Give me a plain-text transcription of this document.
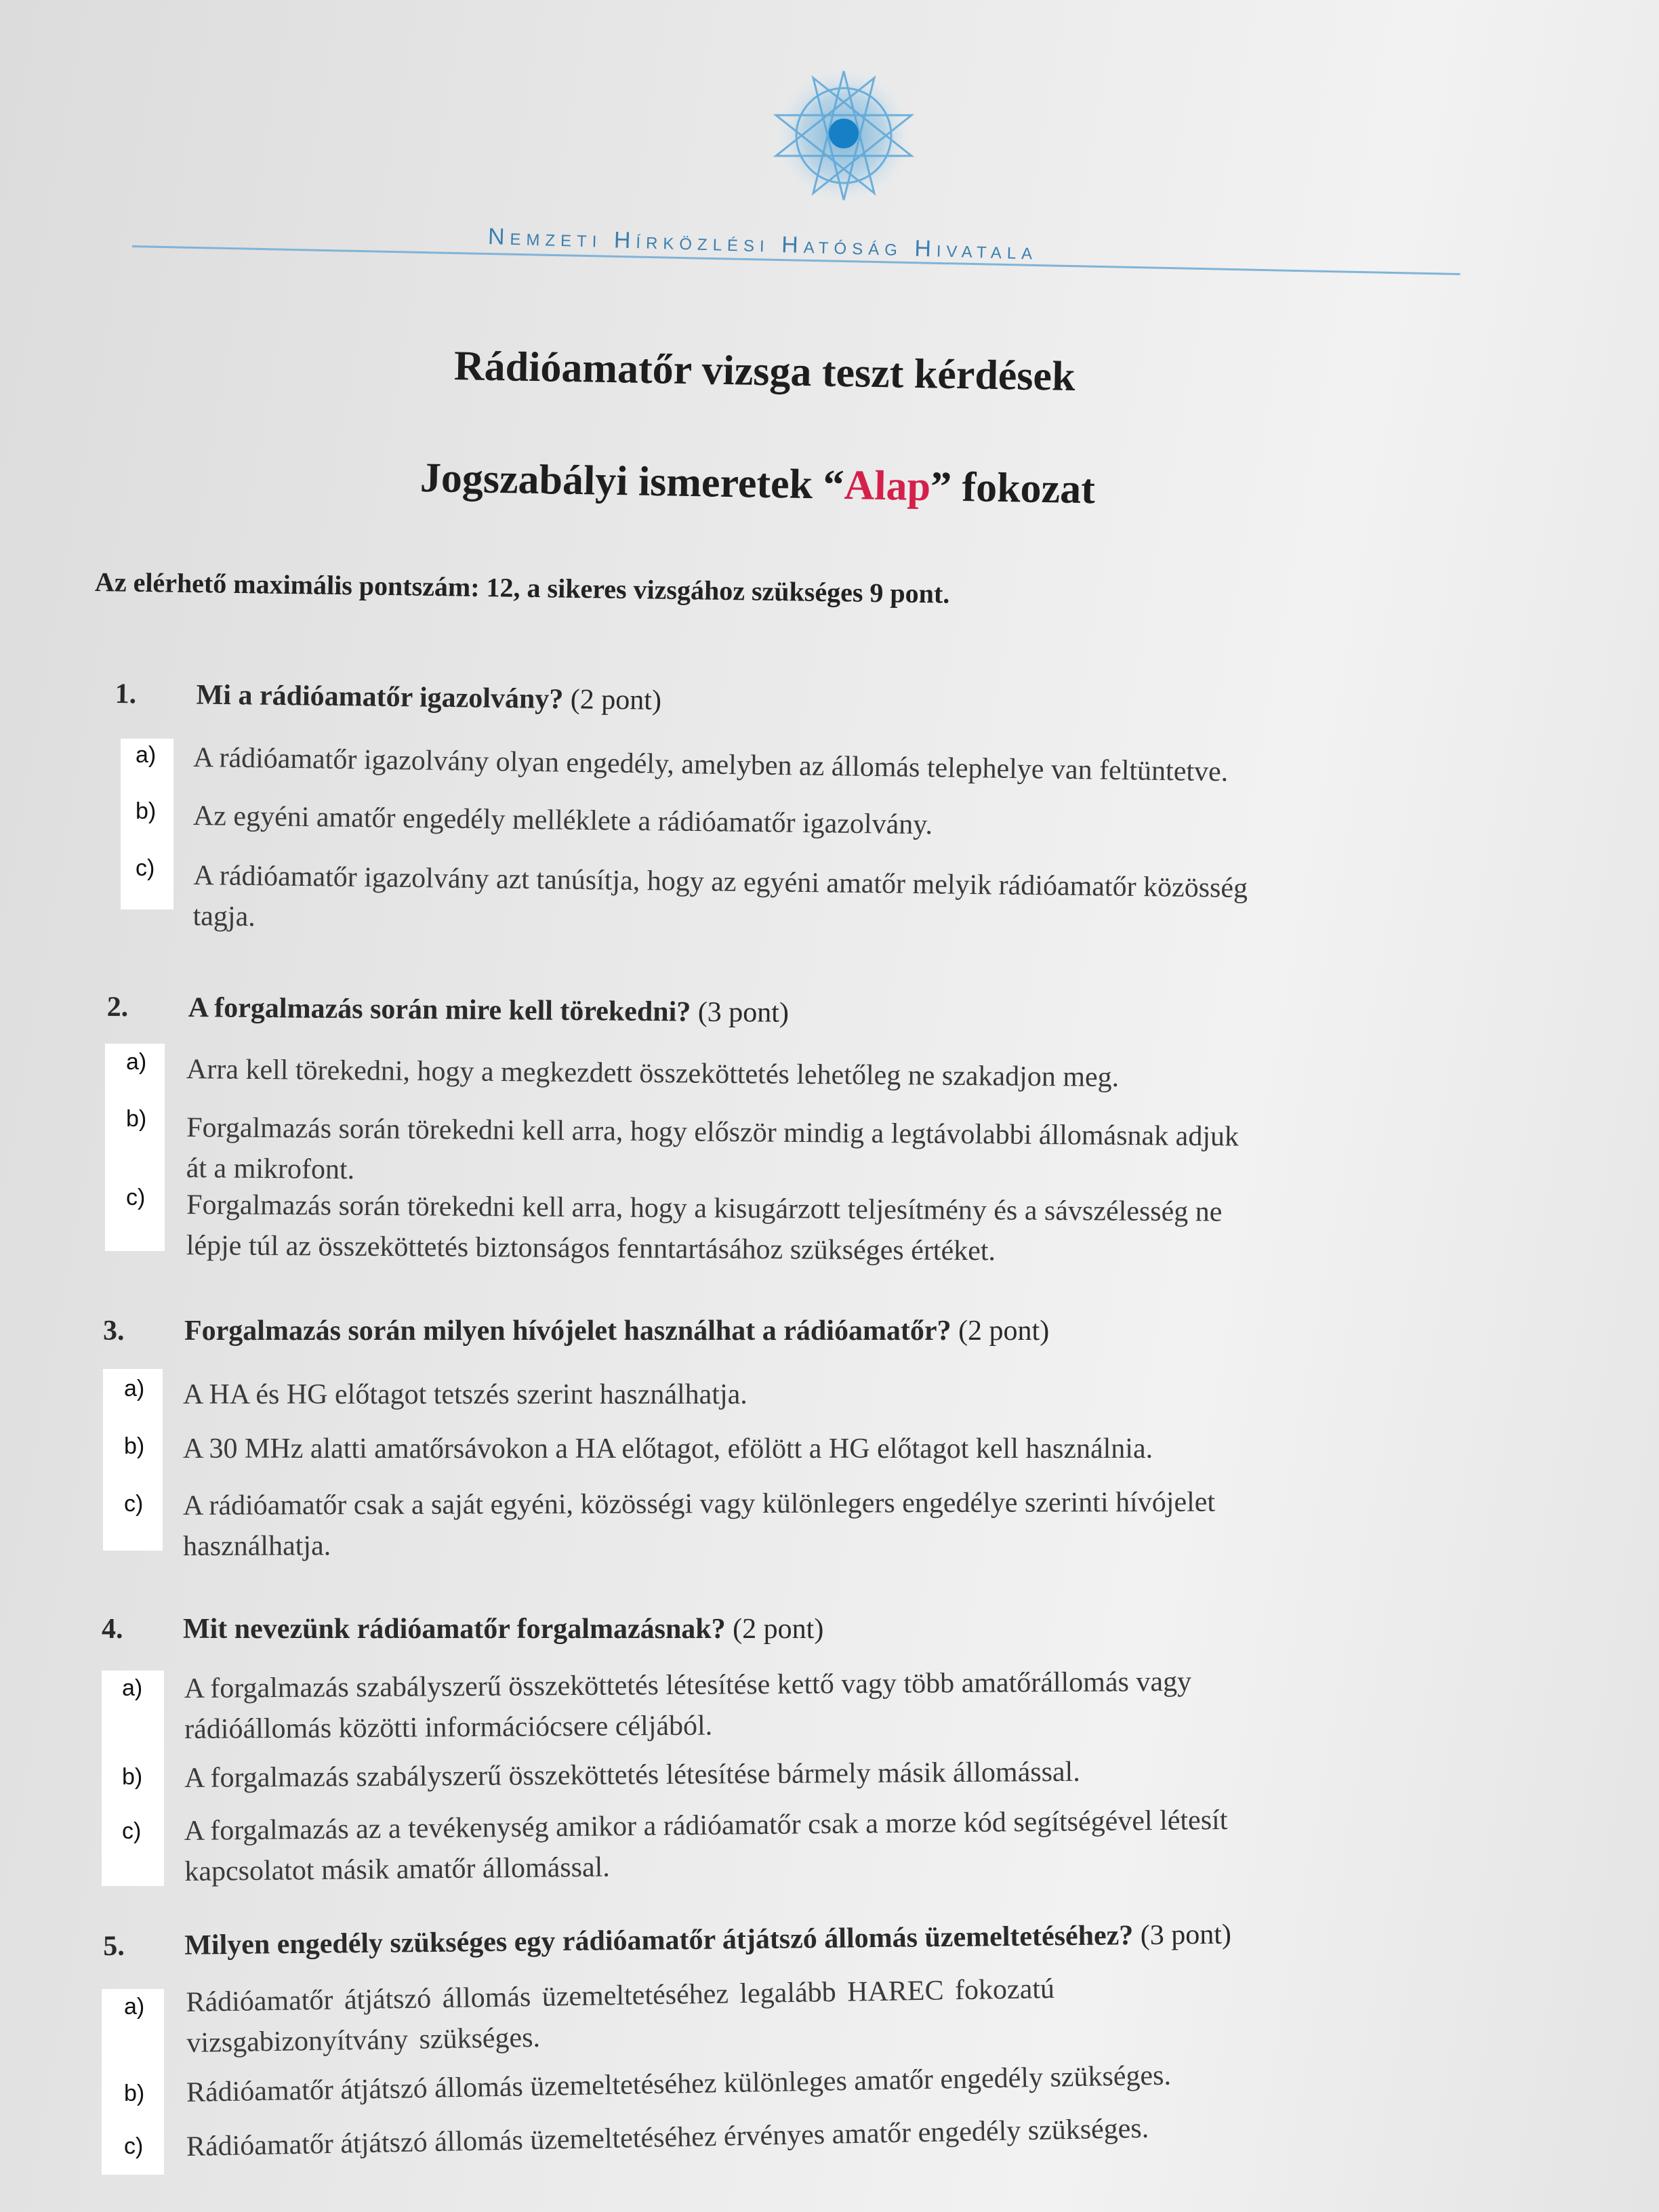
Nemzeti Hírközlési Hatóság Hivatala
Rádióamatőr vizsga teszt kérdések
Jogszabályi ismeretek “Alap” fokozat
Az elérhető maximális pontszám: 12, a sikeres vizsgához szükséges 9 pont.
1. Mi a rádióamatőr igazolvány? (2 pont)
a)
b)
c)
A rádióamatőr igazolvány olyan engedély, amelyben az állomás telephelye van feltüntetve.
Az egyéni amatőr engedély melléklete a rádióamatőr igazolvány.
A rádióamatőr igazolvány azt tanúsítja, hogy az egyéni amatőr melyik rádióamatőr közösség
tagja.
2. A forgalmazás során mire kell törekedni? (3 pont)
a)
b)
c)
Arra kell törekedni, hogy a megkezdett összeköttetés lehetőleg ne szakadjon meg.
Forgalmazás során törekedni kell arra, hogy először mindig a legtávolabbi állomásnak adjuk
át a mikrofont.
Forgalmazás során törekedni kell arra, hogy a kisugárzott teljesítmény és a sávszélesség ne
lépje túl az összeköttetés biztonságos fenntartásához szükséges értéket.
3. Forgalmazás során milyen hívójelet használhat a rádióamatőr? (2 pont)
a)
b)
c)
A HA és HG előtagot tetszés szerint használhatja.
A 30 MHz alatti amatőrsávokon a HA előtagot, efölött a HG előtagot kell használnia.
A rádióamatőr csak a saját egyéni, közösségi vagy különlegers engedélye szerinti hívójelet
használhatja.
4. Mit nevezünk rádióamatőr forgalmazásnak? (2 pont)
a)
b)
c)
A forgalmazás szabályszerű összeköttetés létesítése kettő vagy több amatőrállomás vagy
rádióállomás közötti információcsere céljából.
A forgalmazás szabályszerű összeköttetés létesítése bármely másik állomással.
A forgalmazás az a tevékenység amikor a rádióamatőr csak a morze kód segítségével létesít
kapcsolatot másik amatőr állomással.
5. Milyen engedély szükséges egy rádióamatőr átjátszó állomás üzemeltetéséhez? (3 pont)
a)
b)
c)
Rádióamatőr átjátszó állomás üzemeltetéséhez legalább HAREC fokozatú
vizsgabizonyítvány szükséges.
Rádióamatőr átjátszó állomás üzemeltetéséhez különleges amatőr engedély szükséges.
Rádióamatőr átjátszó állomás üzemeltetéséhez érvényes amatőr engedély szükséges.
